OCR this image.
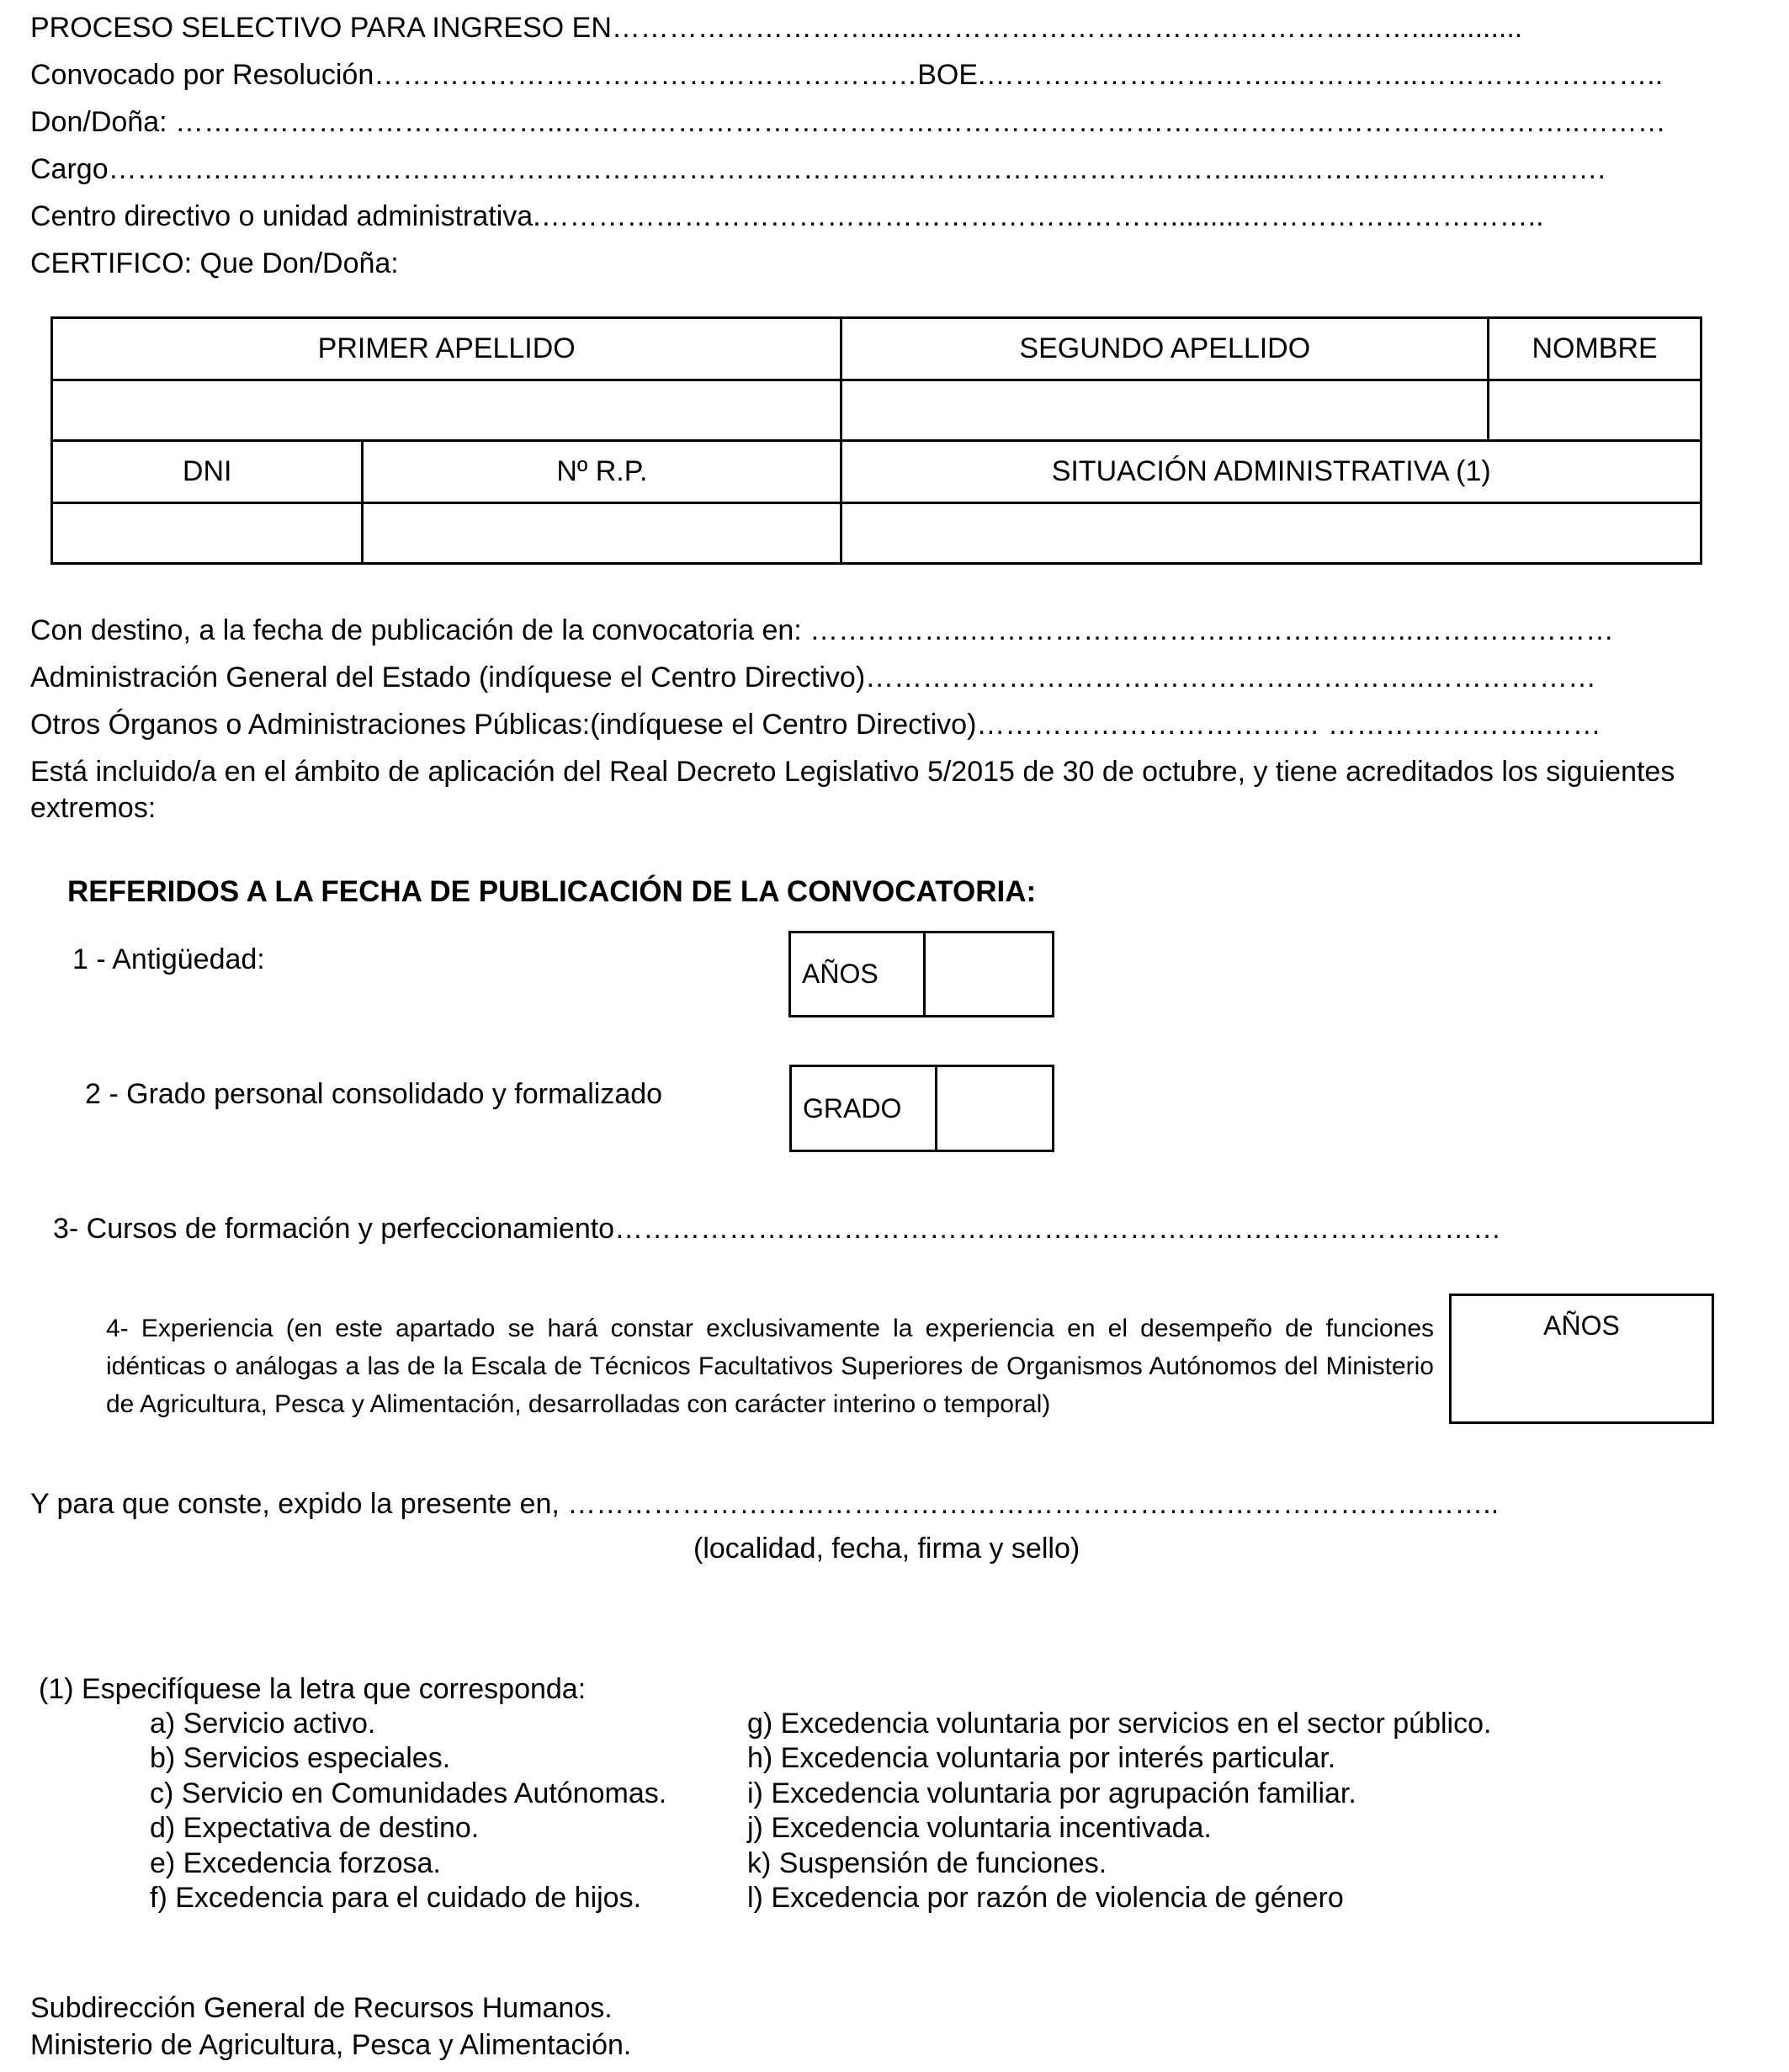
PROCESO SELECTIVO PARA INGRESO EN……………………….......……………………………………………..............
Convocado por Resolución…………………………………………………BOE.…………………………..…………..……………………..
Don/Doña: …………………………………..……………………………………………………………………………………………..………
Cargo………….……………………………………………………………………………………………........……………………..…….
Centro directivo o unidad administrativa.………………………………………………………….........…………………………..
CERTIFICO: Que Don/Doña:
PRIMER APELLIDO		SEGUNDO APELLIDO	NOMBRE

DNI	Nº R.P.	SITUACIÓN ADMINISTRATIVA (1)	

Con destino, a la fecha de publicación de la convocatoria en: ……………..………………………………………..…………………
Administración General del Estado (indíquese el Centro Directivo)…………………………………………………..………………
Otros Órganos o Administraciones Públicas:(indíquese el Centro Directivo)……………………………… …………………..……
Está incluido/a en el ámbito de aplicación del Real Decreto Legislativo 5/2015 de 30 de octubre, y tiene acreditados los siguientes
extremos:
REFERIDOS A LA FECHA DE PUBLICACIÓN DE LA CONVOCATORIA:
1 - Antigüedad:	AÑOS
2 - Grado personal consolidado y formalizado	GRADO
3- Cursos de formación y perfeccionamiento…………………………………………………………………………………
4- Experiencia (en este apartado se hará constar exclusivamente la experiencia en el desempeño de funciones idénticas o análogas a las de la Escala de Técnicos Facultativos Superiores de Organismos Autónomos del Ministerio de Agricultura, Pesca y Alimentación, desarrolladas con carácter interino o temporal)
AÑOS
Y para que conste, expido la presente en, ……………………………………………………………………………………..
(localidad, fecha, firma y sello)
(1) Especifíquese la letra que corresponda:
a) Servicio activo.
b) Servicios especiales.
c) Servicio en Comunidades Autónomas.
d) Expectativa de destino.
e) Excedencia forzosa.
f) Excedencia para el cuidado de hijos.
g) Excedencia voluntaria por servicios en el sector público.
h) Excedencia voluntaria por interés particular.
i) Excedencia voluntaria por agrupación familiar.
j) Excedencia voluntaria incentivada.
k) Suspensión de funciones.
l) Excedencia por razón de violencia de género
Subdirección General de Recursos Humanos.
Ministerio de Agricultura, Pesca y Alimentación.
